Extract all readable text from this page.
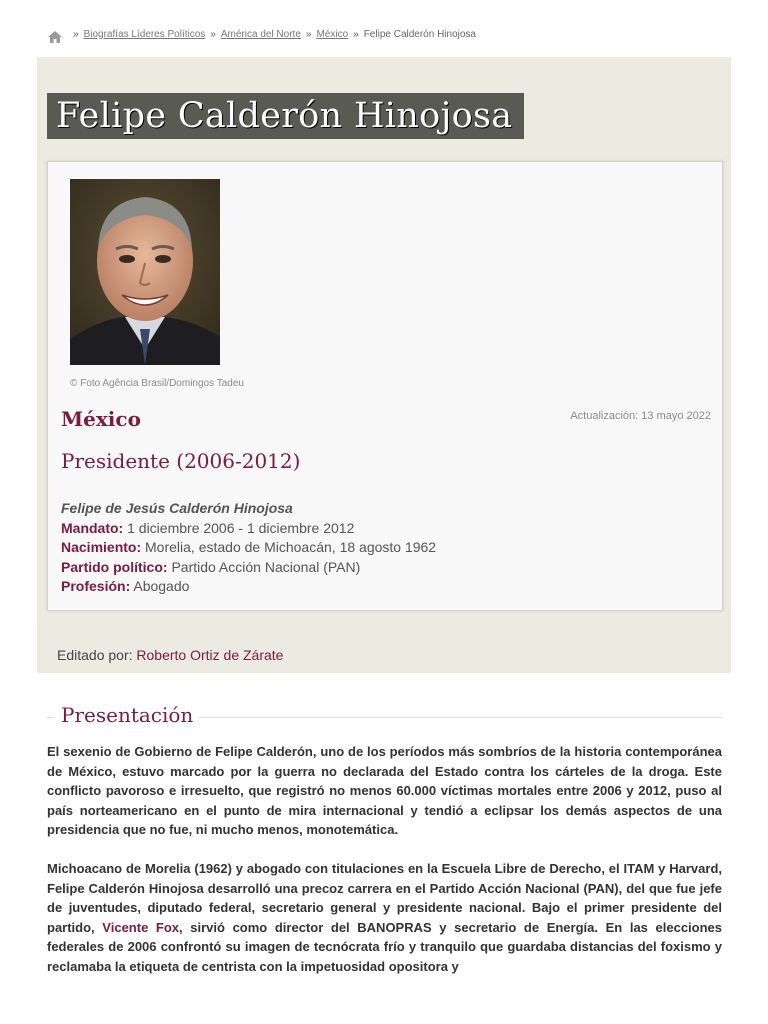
» Biografías Líderes Políticos » América del Norte » México » Felipe Calderón Hinojosa
Felipe Calderón Hinojosa
© Foto Agência Brasil/Domingos Tadeu
México	Actualización: 13 mayo 2022
Presidente (2006-2012)
Felipe de Jesús Calderón Hinojosa
Mandato: 1 diciembre 2006 - 1 diciembre 2012
Nacimiento: Morelia, estado de Michoacán, 18 agosto 1962
Partido político: Partido Acción Nacional (PAN)
Profesión: Abogado
Editado por: Roberto Ortiz de Zárate
Presentación

El sexenio de Gobierno de Felipe Calderón, uno de los períodos más sombríos de la historia contemporánea de México, estuvo marcado por la guerra no declarada del Estado contra los cárteles de la droga. Este conflicto pavoroso e irresuelto, que registró no menos 60.000 víctimas mortales entre 2006 y 2012, puso al país norteamericano en el punto de mira internacional y tendió a eclipsar los demás aspectos de una presidencia que no fue, ni mucho menos, monotemática.

Michoacano de Morelia (1962) y abogado con titulaciones en la Escuela Libre de Derecho, el ITAM y Harvard, Felipe Calderón Hinojosa desarrolló una precoz carrera en el Partido Acción Nacional (PAN), del que fue jefe de juventudes, diputado federal, secretario general y presidente nacional. Bajo el primer presidente del partido, Vicente Fox, sirvió como director del BANOPRAS y secretario de Energía. En las elecciones federales de 2006 confrontó su imagen de tecnócrata frío y tranquilo que guardaba distancias del foxismo y reclamaba la etiqueta de centrista con la impetuosidad opositora y
